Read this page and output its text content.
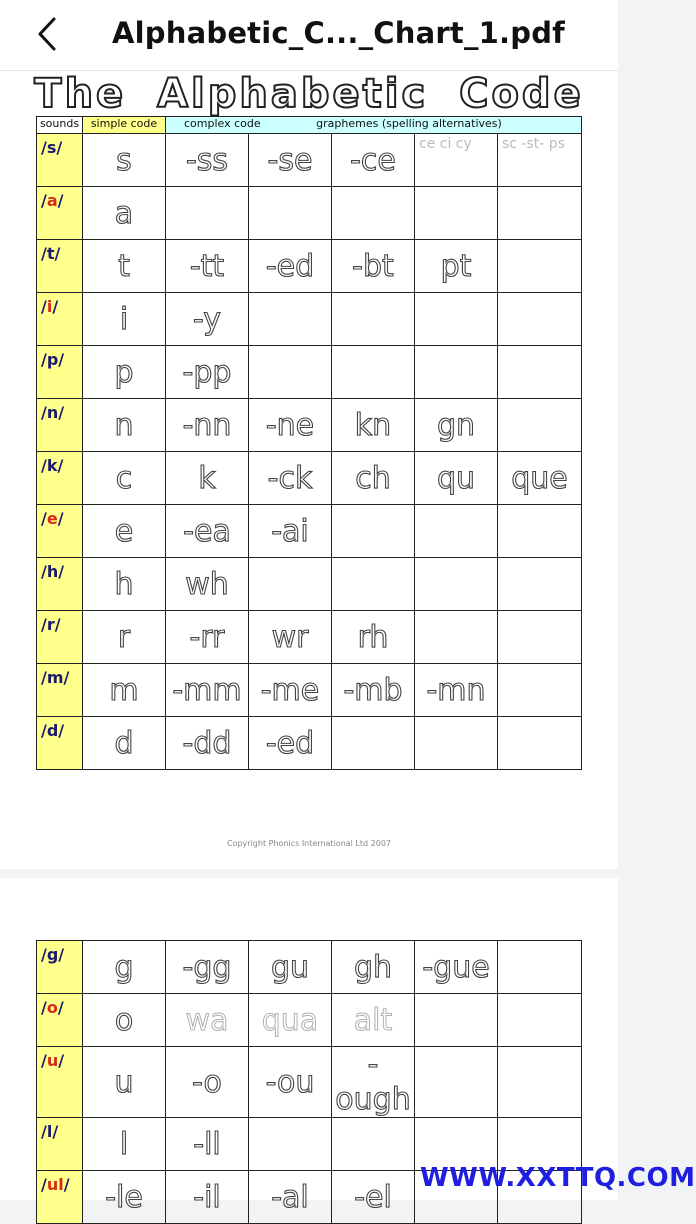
Alphabetic_C..._Chart_1.pdf
The Alphabetic Code
sounds	simple code	complex code graphemes (spelling alternatives)				
/s/	s	-ss	-se	-ce	ce ci cy	sc -st- ps
/a/	a					
/t/	t	-tt	-ed	-bt	pt	
/i/	i	-y				
/p/	p	-pp				
/n/	n	-nn	-ne	kn	gn	
/k/	c	k	-ck	ch	qu	que
/e/	e	-ea	-ai			
/h/	h	wh				
/r/	r	-rr	wr	rh		
/m/	m	-mm	-me	-mb	-mn	
/d/	d	-dd	-ed			
Copyright Phonics International Ltd 2007
/g/	g	-gg	gu	gh	-gue	
/o/	o	wa	qua	alt		
/u/	u	-o	-ou	-ough		
/l/	l	-ll				
/ul/	-le	-il	-al	-el		
WWW.XXTTQ.COM
